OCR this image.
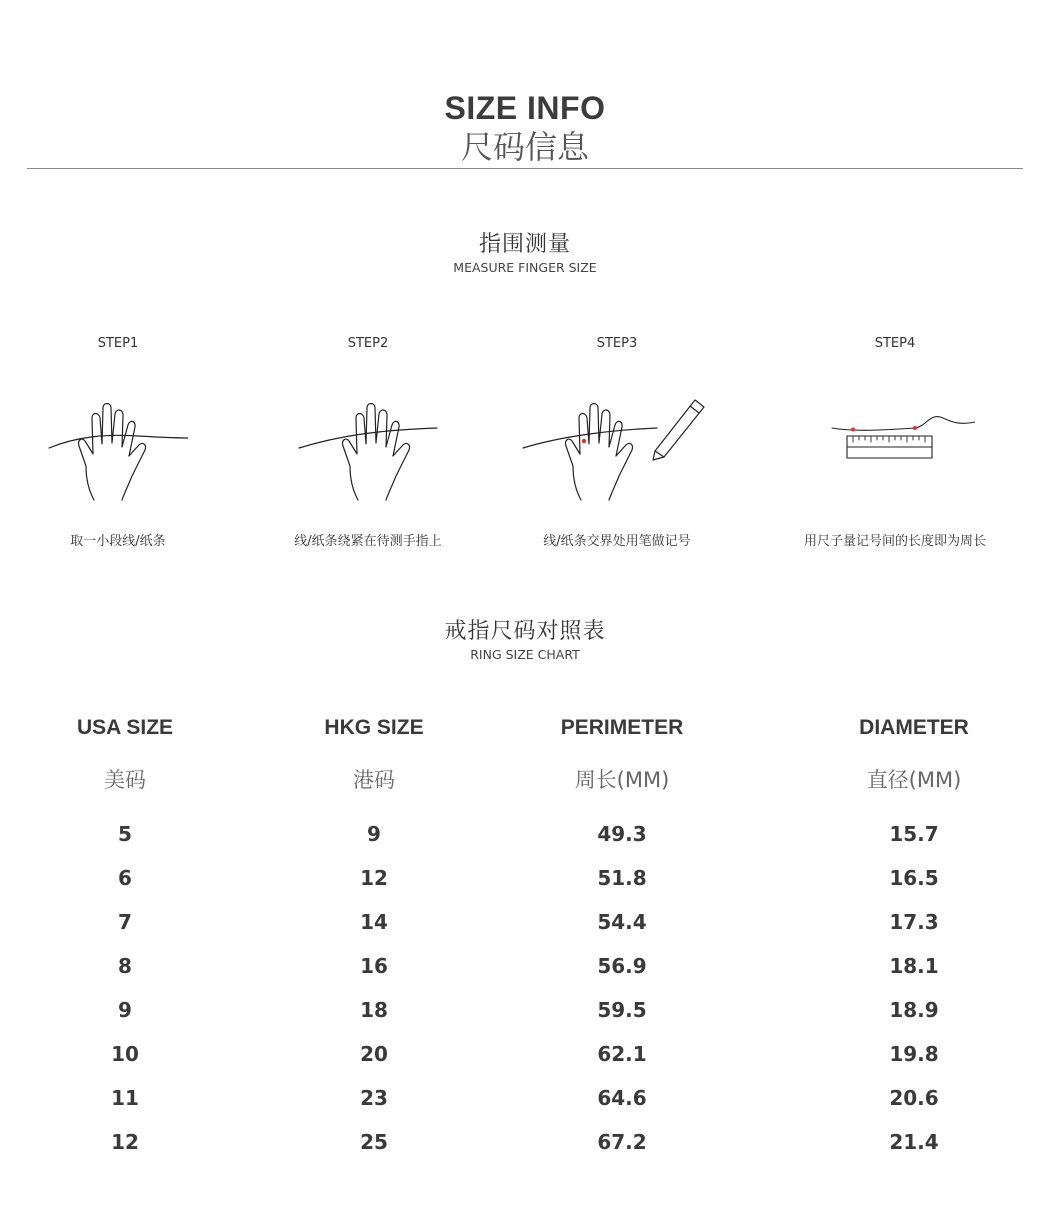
SIZE INFO
尺码信息
指围测量
MEASURE FINGER SIZE
STEP1
取一小段线/纸条
STEP2
线/纸条绕紧在待测手指上
STEP3
线/纸条交界处用笔做记号
STEP4
用尺子量记号间的长度即为周长
戒指尺码对照表
RING SIZE CHART
USA SIZE
美码
5
6
7
8
9
10
11
12
HKG SIZE
港码
9
12
14
16
18
20
23
25
PERIMETER
周长(MM)
49.3
51.8
54.4
56.9
59.5
62.1
64.6
67.2
DIAMETER
直径(MM)
15.7
16.5
17.3
18.1
18.9
19.8
20.6
21.4
